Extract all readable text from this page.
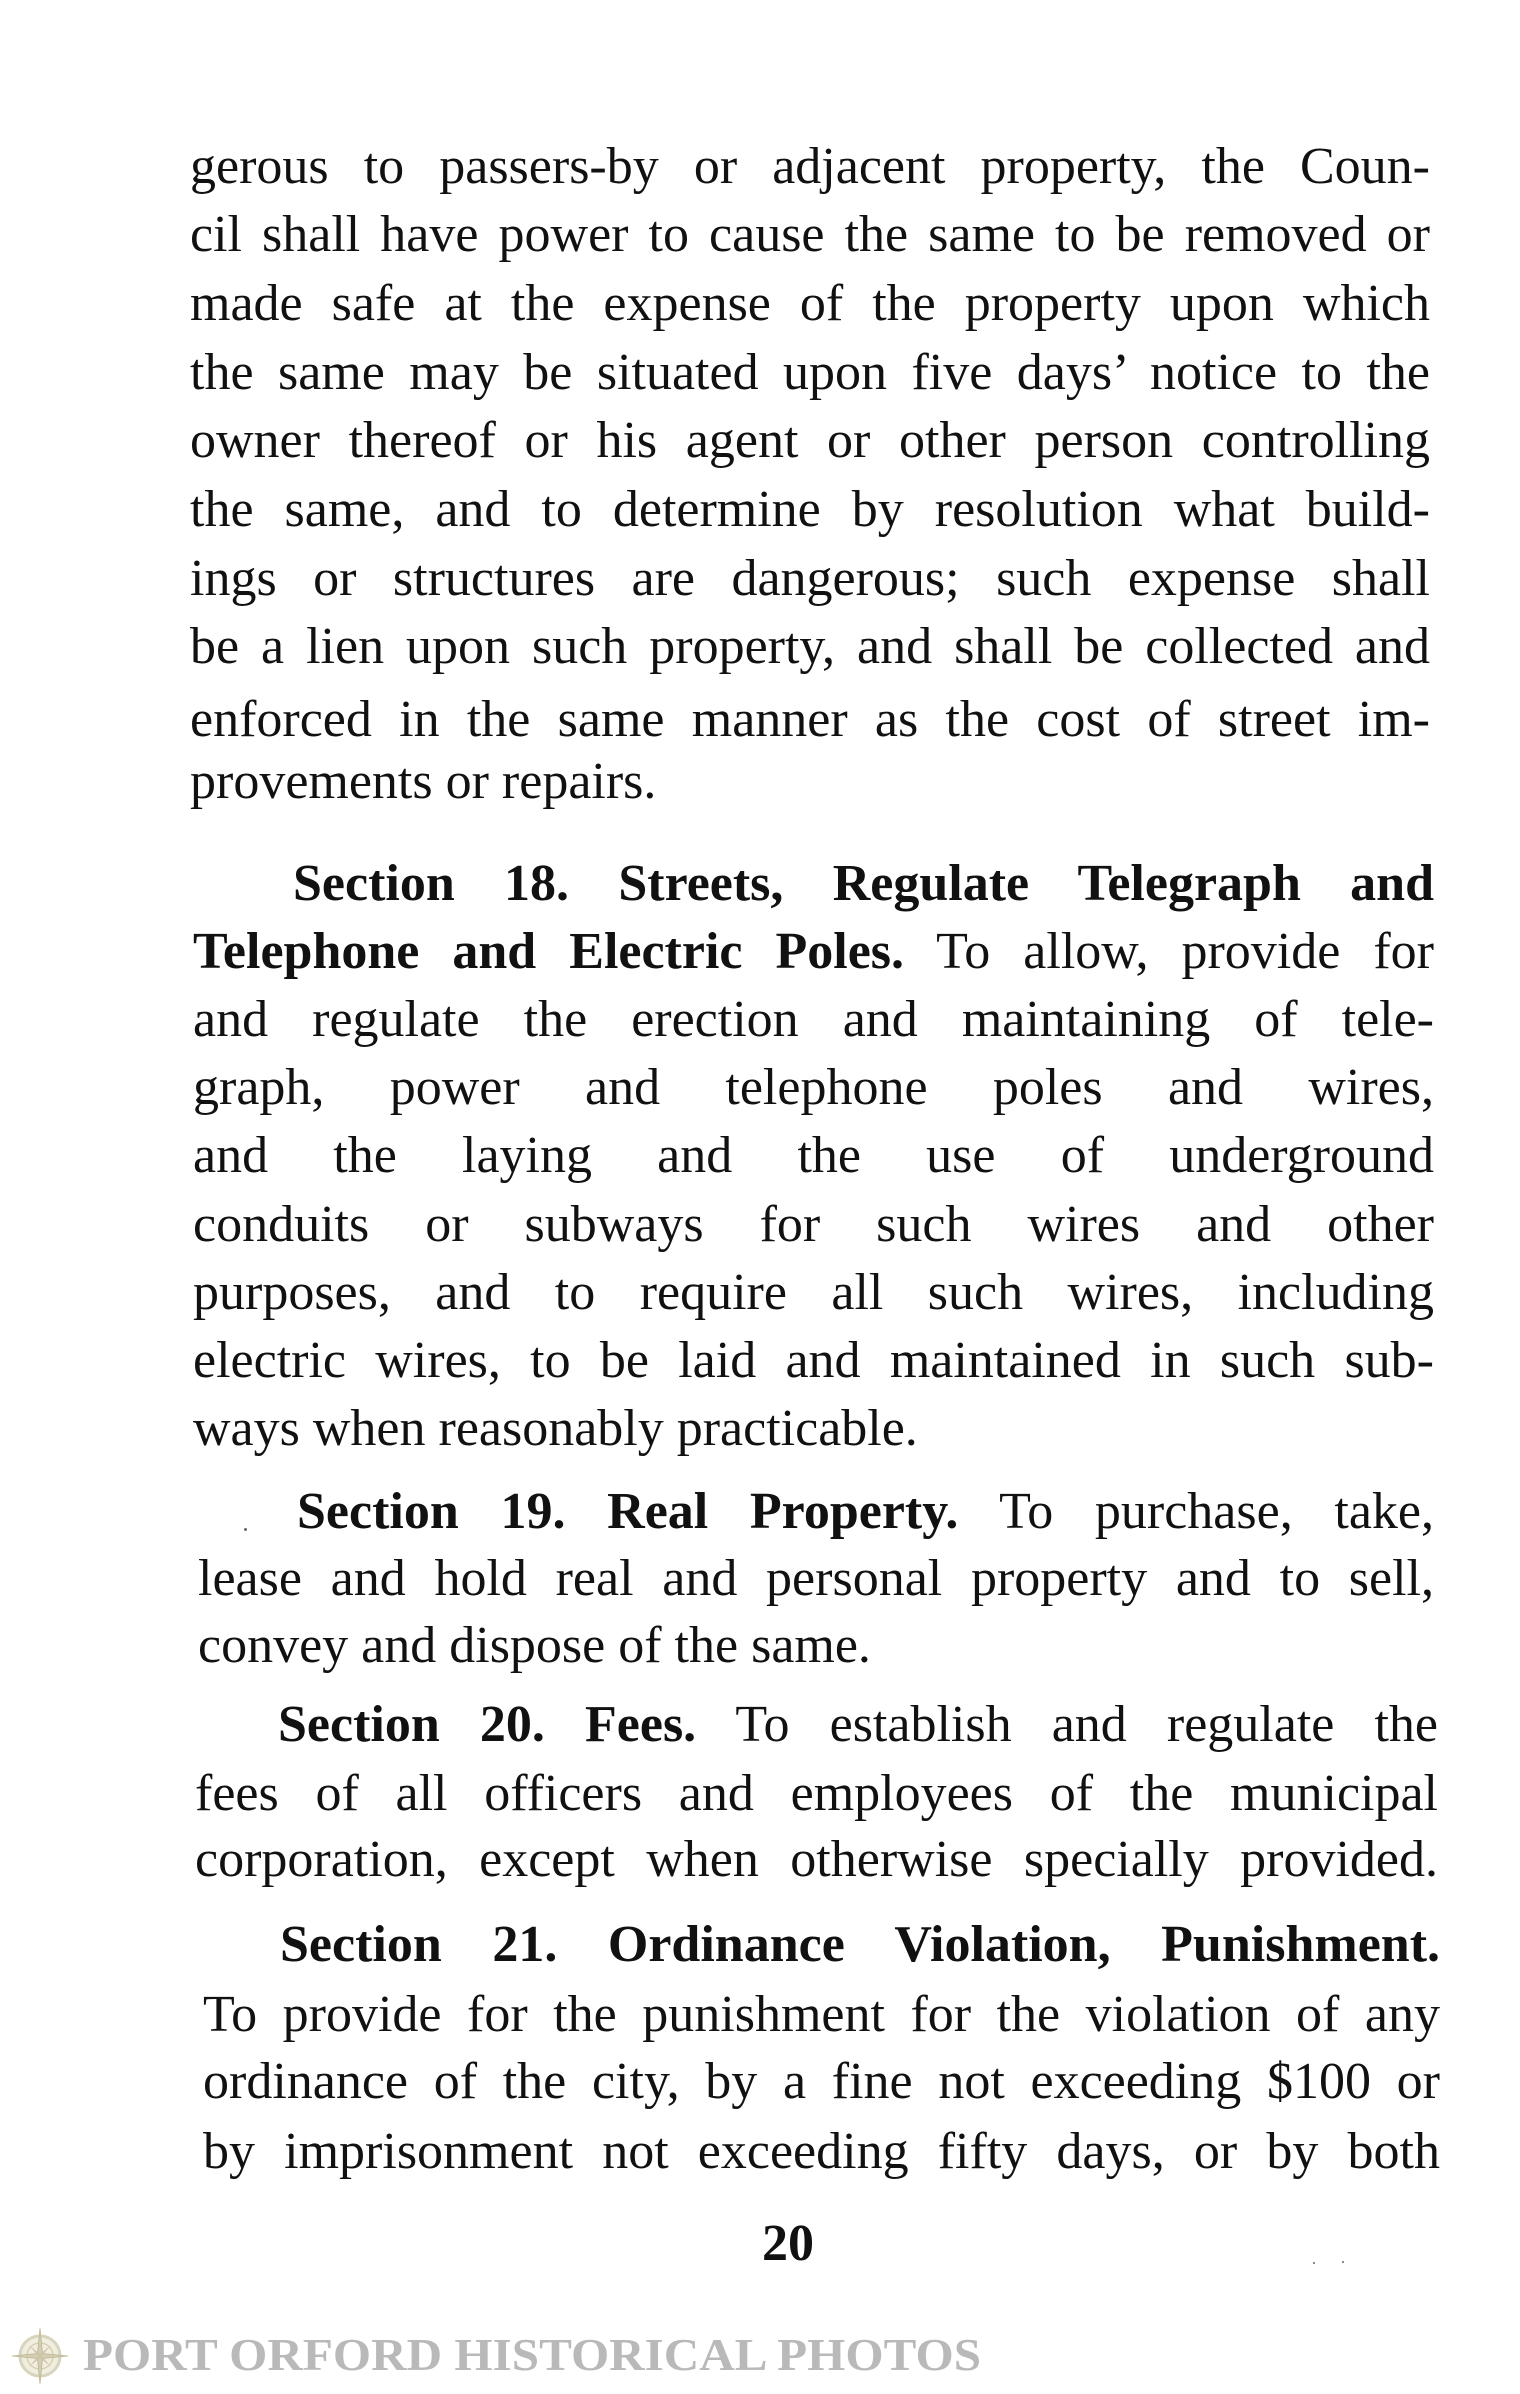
gerous to passers-by or adjacent property, the Coun-
cil shall have power to cause the same to be removed or
made safe at the expense of the property upon which
the same may be situated upon five days’ notice to the
owner thereof or his agent or other person controlling
the same, and to determine by resolution what build-
ings or structures are dangerous; such expense shall
be a lien upon such property, and shall be collected and
enforced in the same manner as the cost of street im-
provements or repairs.
Section 18. Streets, Regulate Telegraph and
Telephone and Electric Poles. To allow, provide for
and regulate the erection and maintaining of tele-
graph, power and telephone poles and wires,
and the laying and the use of underground
conduits or subways for such wires and other
purposes, and to require all such wires, including
electric wires, to be laid and maintained in such sub-
ways when reasonably practicable.
Section 19. Real Property. To purchase, take,
lease and hold real and personal property and to sell,
convey and dispose of the same.
Section 20. Fees. To establish and regulate the
fees of all officers and employees of the municipal
corporation, except when otherwise specially provided.
Section 21. Ordinance Violation, Punishment.
To provide for the punishment for the violation of any
ordinance of the city, by a fine not exceeding $100 or
by imprisonment not exceeding fifty days, or by both
20
PORT ORFORD HISTORICAL PHOTOS
